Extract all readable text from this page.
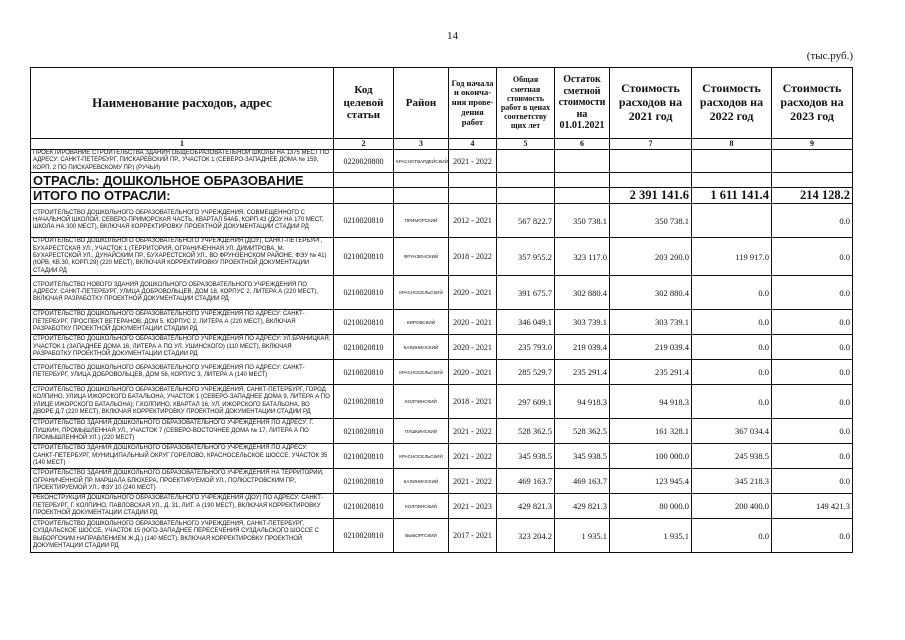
14
(тыс.руб.)
Наименование расходов, адрес	Код целевой статьи	Район	Год начала и оконча-ния прове-дения работ	Общая сметная стоимость работ в ценах соответству щих лет	Остаток сметной стоимости на 01.01.2021	Стоимость расходов на 2021 год	Стоимость расходов на 2022 год	Стоимость расходов на 2023 год
1	2	3	4	5	6	7	8	9
ПРОЕКТИРОВАНИЕ СТРОИТЕЛЬСТВА ЗДАНИЯ ОБЩЕОБРАЗОВАТЕЛЬНОЙ ШКОЛЫ НА 1375 МЕСТ ПО АДРЕСУ: САНКТ-ПЕТЕРБУРГ, ПИСКАРЕВСКИЙ ПР., УЧАСТОК 1 (СЕВЕРО-ЗАПАДНЕЕ ДОМА № 159, КОРП. 2 ПО ПИСКАРЕВСКОМУ ПР.) (РУЧЬИ)	0220020800	КРАСНОГВАРДЕЙСКИЙ	2021 - 2022					
ОТРАСЛЬ: ДОШКОЛЬНОЕ ОБРАЗОВАНИЕ								
ИТОГО ПО ОТРАСЛИ:						2 391 141.6	1 611 141.4	214 128.2
СТРОИТЕЛЬСТВО ДОШКОЛЬНОГО ОБРАЗОВАТЕЛЬНОГО УЧРЕЖДЕНИЯ, СОВМЕЩЕННОГО С НАЧАЛЬНОЙ ШКОЛОЙ, СЕВЕРО-ПРИМОРСКАЯ ЧАСТЬ, КВАРТАЛ 54АБ, КОРП.43 (ДОУ НА 170 МЕСТ, ШКОЛА НА 300 МЕСТ), ВКЛЮЧАЯ КОРРЕКТИРОВКУ ПРОЕКТНОЙ ДОКУМЕНТАЦИИ СТАДИИ РД	0210020810	ПРИМОРСКИЙ	2012 - 2021	567 822.7	350 738.1	350 738.1		0.0
СТРОИТЕЛЬСТВО ДОШКОЛЬНОГО ОБРАЗОВАТЕЛЬНОГО УЧРЕЖДЕНИЯ (ДОУ), САНКТ-ПЕТЕРБУРГ, БУХАРЕСТСКАЯ УЛ., УЧАСТОК 1 (ТЕРРИТОРИЯ, ОГРАНИЧЕННАЯ УЛ. ДИМИТРОВА, М. БУХАРЕСТСКОЙ УЛ., ДУНАЙСКИМ ПР., БУХАРЕСТСКОЙ УЛ., ВО ФРУНЗЕНСКОМ РАЙОНЕ, ФЭУ № 41) (ЮРВ, КВ.30, КОРП.29) (220 МЕСТ), ВКЛЮЧАЯ КОРРЕКТИРОВКУ ПРОЕКТНОЙ ДОКУМЕНТАЦИИ СТАДИИ РД	0210020810	ФРУНЗЕНСКИЙ	2018 - 2022	357 955.2	323 117.0	203 200.0	119 917.0	0.0
СТРОИТЕЛЬСТВО НОВОГО ЗДАНИЯ ДОШКОЛЬНОГО ОБРАЗОВАТЕЛЬНОГО УЧРЕЖДЕНИЯ ПО АДРЕСУ: САНКТ-ПЕТЕРБУРГ, УЛИЦА ДОБРОВОЛЬЦЕВ, ДОМ 18, КОРПУС 2, ЛИТЕРА А (220 МЕСТ), ВКЛЮЧАЯ РАЗРАБОТКУ ПРОЕКТНОЙ ДОКУМЕНТАЦИИ СТАДИИ РД	0210020810	КРАСНОСЕЛЬСКИЙ	2020 - 2021	391 675.7	302 880.4	302 880.4	0.0	0.0
СТРОИТЕЛЬСТВО ДОШКОЛЬНОГО ОБРАЗОВАТЕЛЬНОГО УЧРЕЖДЕНИЯ ПО АДРЕСУ: САНКТ-ПЕТЕРБУРГ, ПРОСПЕКТ ВЕТЕРАНОВ, ДОМ 5, КОРПУС 2, ЛИТЕРА А (220 МЕСТ), ВКЛЮЧАЯ РАЗРАБОТКУ ПРОЕКТНОЙ ДОКУМЕНТАЦИИ СТАДИИ РД	0210020810	КИРОВСКИЙ	2020 - 2021	346 049.1	303 739.1	303 739.1	0.0	0.0
СТРОИТЕЛЬСТВО ДОШКОЛЬНОГО ОБРАЗОВАТЕЛЬНОГО УЧРЕЖДЕНИЯ ПО АДРЕСУ: УЛ.БРАНИЦКАЯ, УЧАСТОК 1 (ЗАПАДНЕЕ ДОМА 16, ЛИТЕРА А ПО УЛ. УШИНСКОГО) (110 МЕСТ), ВКЛЮЧАЯ РАЗРАБОТКУ ПРОЕКТНОЙ ДОКУМЕНТАЦИИ СТАДИИ РД	0210020810	КАЛИНИНСКИЙ	2020 - 2021	235 793.0	219 039.4	219 039.4	0.0	0.0
СТРОИТЕЛЬСТВО ДОШКОЛЬНОГО ОБРАЗОВАТЕЛЬНОГО УЧРЕЖДЕНИЯ ПО АДРЕСУ: САНКТ-ПЕТЕРБУРГ, УЛИЦА ДОБРОВОЛЬЦЕВ, ДОМ 56, КОРПУС 3, ЛИТЕРА А (140 МЕСТ)	0210020810	КРАСНОСЕЛЬСКИЙ	2020 - 2021	285 529.7	235 291.4	235 291.4	0.0	0.0
СТРОИТЕЛЬСТВО ДОШКОЛЬНОГО ОБРАЗОВАТЕЛЬНОГО УЧРЕЖДЕНИЯ, САНКТ-ПЕТЕРБУРГ, ГОРОД КОЛПИНО, УЛИЦА ИЖОРСКОГО БАТАЛЬОНА, УЧАСТОК 1 (СЕВЕРО-ЗАПАДНЕЕ ДОМА 9, ЛИТЕРА А ПО УЛИЦЕ ИЖОРСКОГО БАТАЛЬОНА); Г.КОЛПИНО, КВАРТАЛ 16, УЛ. ИЖОРСКОГО БАТАЛЬОНА, ВО ДВОРЕ Д.7 (220 МЕСТ), ВКЛЮЧАЯ КОРРЕКТИРОВКУ ПРОЕКТНОЙ ДОКУМЕНТАЦИИ СТАДИИ РД	0210020810	КОЛПИНСКИЙ	2018 - 2021	297 609.1	94 918.3	94 918.3	0.0	0.0
СТРОИТЕЛЬСТВО ЗДАНИЯ ДОШКОЛЬНОГО ОБРАЗОВАТЕЛЬНОГО УЧРЕЖДЕНИЯ ПО АДРЕСУ: Г. ПУШКИН, ПРОМЫШЛЕННАЯ УЛ., УЧАСТОК 7 (СЕВЕРО-ВОСТОЧНЕЕ ДОМА № 17, ЛИТЕРА А ПО ПРОМЫШЛЕННОЙ УЛ.) (220 МЕСТ)	0210020810	ПУШКИНСКИЙ	2021 - 2022	528 362.5	528 362.5	161 328.1	367 034.4	0.0
СТРОИТЕЛЬСТВО ЗДАНИЯ ДОШКОЛЬНОГО ОБРАЗОВАТЕЛЬНОГО УЧРЕЖДЕНИЯ ПО АДРЕСУ: САНКТ-ПЕТЕРБУРГ, МУНИЦИПАЛЬНЫЙ ОКРУГ ГОРЕЛОВО, КРАСНОСЕЛЬСКОЕ ШОССЕ, УЧАСТОК 35 (140 МЕСТ)	0210020810	КРАСНОСЕЛЬСКИЙ	2021 - 2022	345 938.5	345 938.5	100 000.0	245 938.5	0.0
СТРОИТЕЛЬСТВО ЗДАНИЯ ДОШКОЛЬНОГО ОБРАЗОВАТЕЛЬНОГО УЧРЕЖДЕНИЯ НА ТЕРРИТОРИИ, ОГРАНИЧЕННОЙ ПР. МАРШАЛА БЛЮХЕРА, ПРОЕКТИРУЕМОЙ УЛ., ПОЛЮСТРОВСКИМ ПР., ПРОЕКТИРУЕМОЙ УЛ., ФЗУ 10 (240 МЕСТ)	0210020810	КАЛИНИНСКИЙ	2021 - 2022	469 163.7	469 163.7	123 945.4	345 218.3	0.0
РЕКОНСТРУКЦИЯ ДОШКОЛЬНОГО ОБРАЗОВАТЕЛЬНОГО УЧРЕЖДЕНИЯ (ДОУ) ПО АДРЕСУ: САНКТ-ПЕТЕРБУРГ, Г. КОЛПИНО, ПАВЛОВСКАЯ УЛ., Д. 31, ЛИТ. А (190 МЕСТ), ВКЛЮЧАЯ КОРРЕКТИРОВКУ ПРОЕКТНОЙ ДОКУМЕНТАЦИИ СТАДИИ РД	0210020810	КОЛПИНСКИЙ	2021 - 2023	429 821.3	429 821.3	80 000.0	200 400.0	149 421.3
СТРОИТЕЛЬСТВО ДОШКОЛЬНОГО ОБРАЗОВАТЕЛЬНОГО УЧРЕЖДЕНИЯ, САНКТ-ПЕТЕРБУРГ, СУЗДАЛЬСКОЕ ШОССЕ, УЧАСТОК 15 (ЮГО-ЗАПАДНЕЕ ПЕРЕСЕЧЕНИЯ СУЗДАЛЬСКОГО ШОССЕ С ВЫБОРГСКИМ НАПРАВЛЕНИЕМ Ж.Д.) (140 МЕСТ), ВКЛЮЧАЯ КОРРЕКТИРОВКУ ПРОЕКТНОЙ ДОКУМЕНТАЦИИ СТАДИИ РД	0210020810	ВЫБОРГСКИЙ	2017 - 2021	323 204.2	1 935.1	1 935.1	0.0	0.0
